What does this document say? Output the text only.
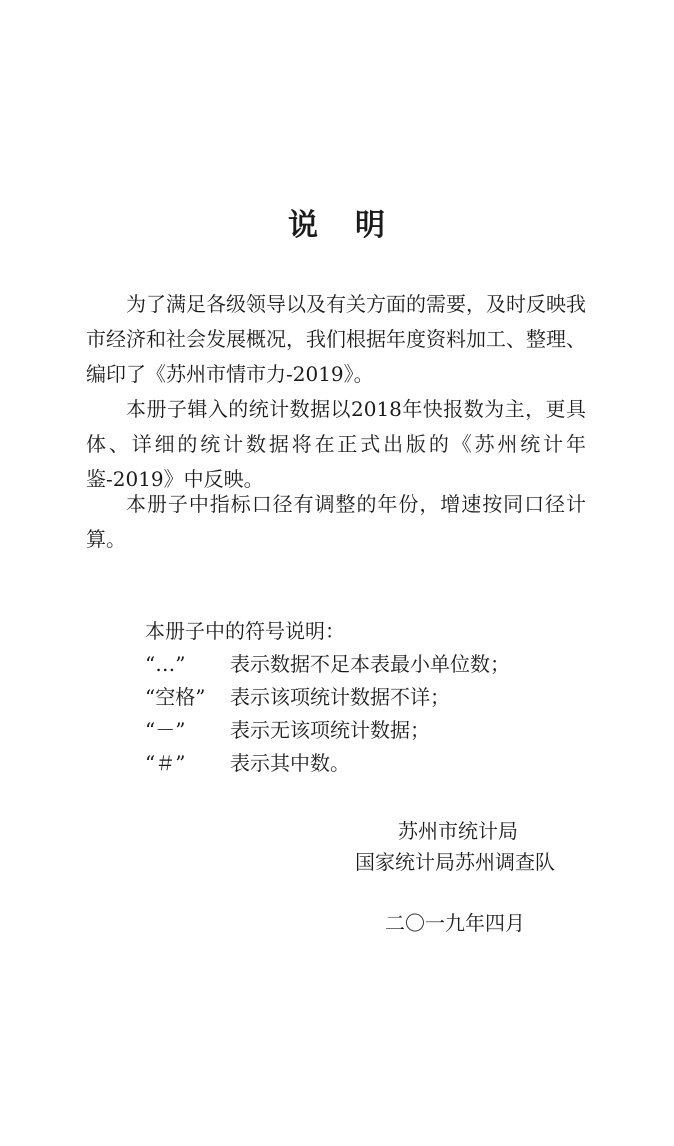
说 明

为了满足各级领导以及有关方面的需要，及时反映我市经济和社会发展概况，我们根据年度资料加工、整理、编印了《苏州市情市力-2019》。

本册子辑入的统计数据以2018年快报数为主，更具体、详细的统计数据将在正式出版的《苏州统计年鉴-2019》中反映。

本册子中指标口径有调整的年份，增速按同口径计算。

本册子中的符号说明：
“…” 表示数据不足本表最小单位数；
“空格” 表示该项统计数据不详；
“－” 表示无该项统计数据；
“＃” 表示其中数。
苏州市统计局
国家统计局苏州调查队
二〇一九年四月
